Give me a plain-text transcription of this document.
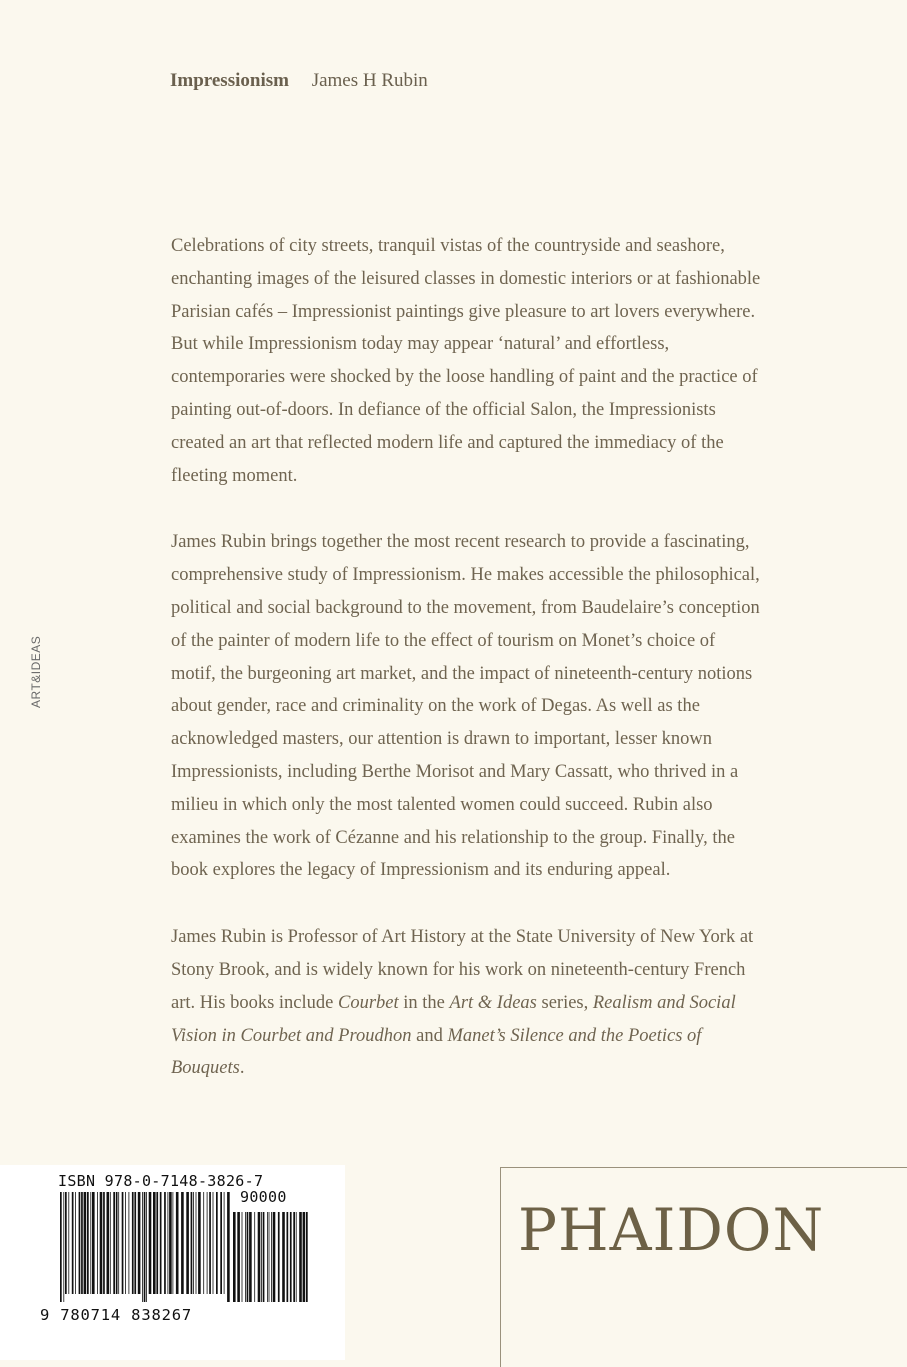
Impressionism James H Rubin
ART&IDEAS

Celebrations of city streets, tranquil vistas of the countryside and seashore, enchanting images of the leisured classes in domestic interiors or at fashionable Parisian cafés – Impressionist paintings give pleasure to art lovers everywhere. But while Impressionism today may appear ‘natural’ and effortless, contemporaries were shocked by the loose handling of paint and the practice of painting out-of-doors. In defiance of the official Salon, the Impressionists created an art that reflected modern life and captured the immediacy of the fleeting moment.

James Rubin brings together the most recent research to provide a fascinating, comprehensive study of Impressionism. He makes accessible the philosophical, political and social background to the movement, from Baudelaire’s conception of the painter of modern life to the effect of tourism on Monet’s choice of motif, the burgeoning art market, and the impact of nineteenth-century notions about gender, race and criminality on the work of Degas. As well as the acknowledged masters, our attention is drawn to important, lesser known Impressionists, including Berthe Morisot and Mary Cassatt, who thrived in a milieu in which only the most talented women could succeed. Rubin also examines the work of Cézanne and his relationship to the group. Finally, the book explores the legacy of Impressionism and its enduring appeal.

James Rubin is Professor of Art History at the State University of New York at Stony Brook, and is widely known for his work on nineteenth-century French art. His books include Courbet in the Art & Ideas series, Realism and Social Vision in Courbet and Proudhon and Manet’s Silence and the Poetics of Bouquets.

ISBN 978-0-7148-3826-7
90000
9 780714 838267
PHAIDON
